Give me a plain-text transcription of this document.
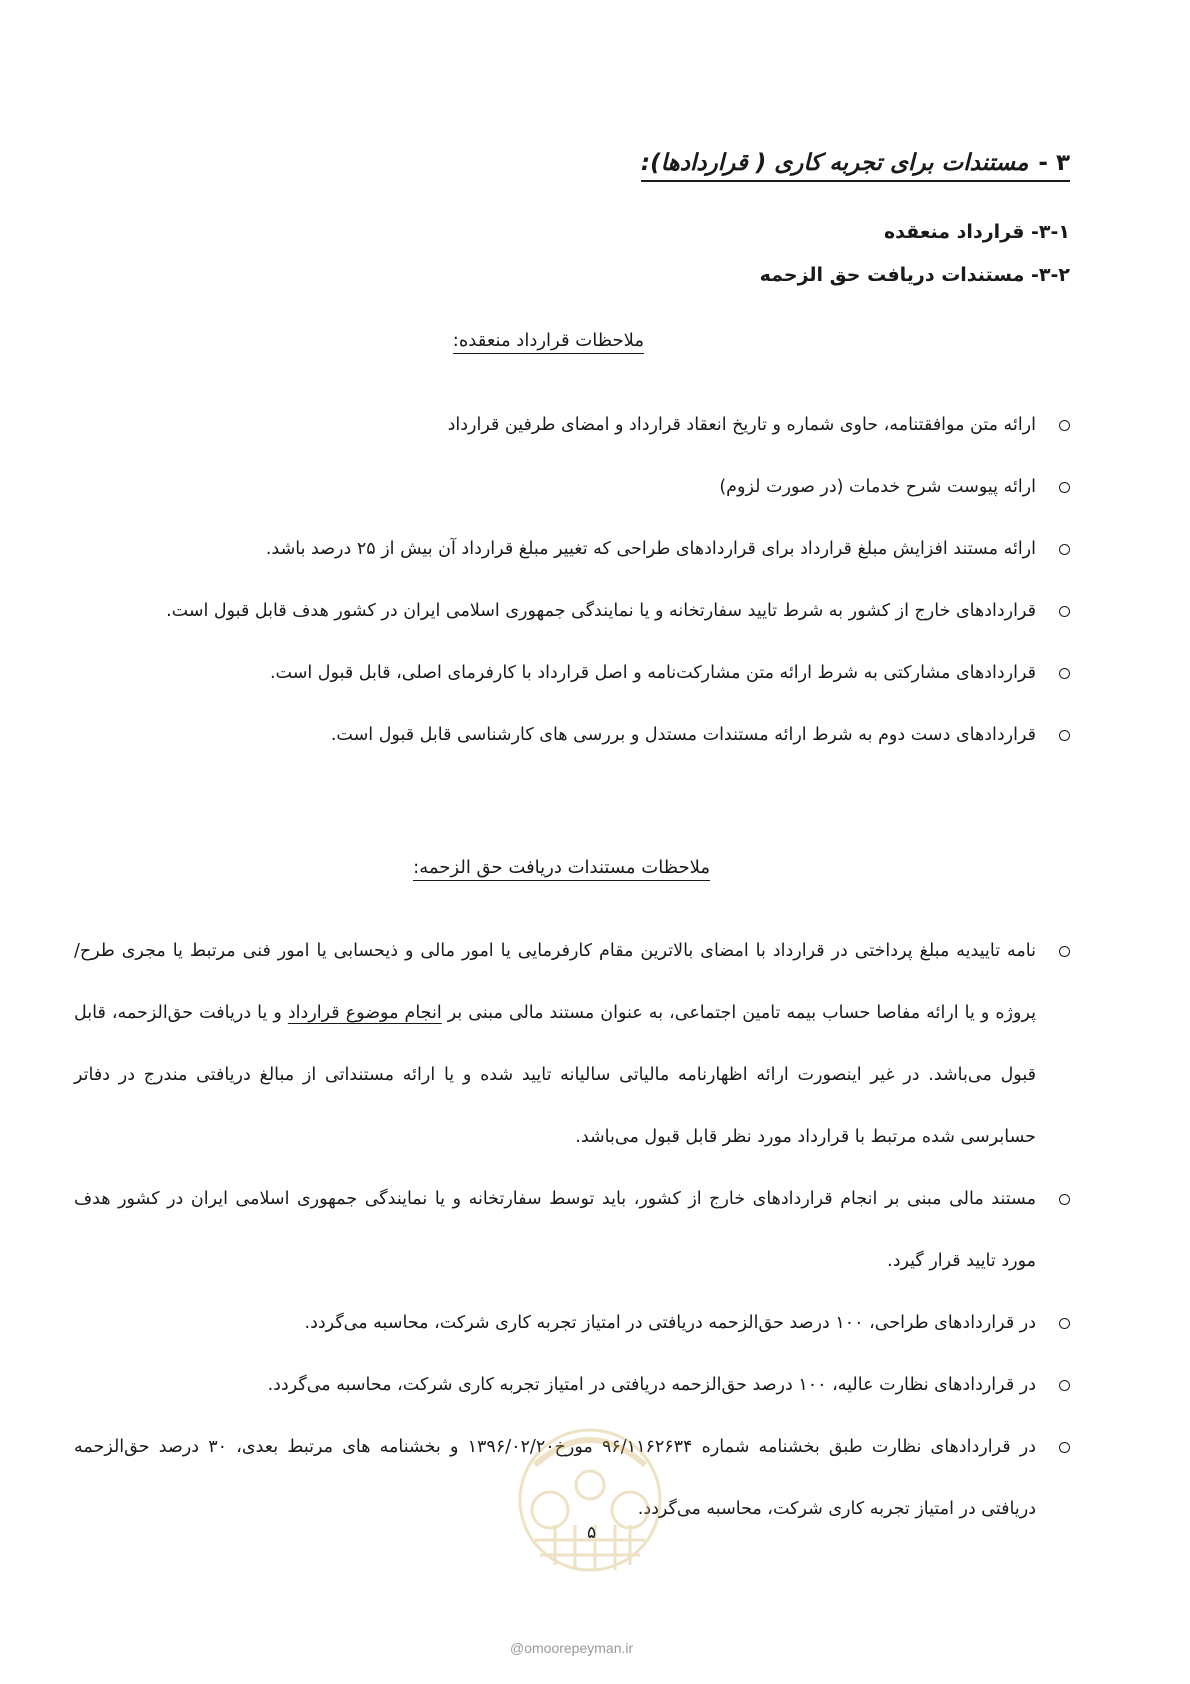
۳ -مستندات برای تجربه کاری ( قراردادها):
۳-۱- قرارداد منعقده
۳-۲- مستندات دریافت حق الزحمه
ملاحظات قرارداد منعقده:
ارائه متن موافقتنامه، حاوی شماره و تاریخ انعقاد قرارداد و امضای طرفین قرارداد
ارائه پیوست شرح خدمات (در صورت لزوم)
ارائه مستند افزایش مبلغ قرارداد برای قراردادهای طراحی که تغییر مبلغ قرارداد آن بیش از ۲۵ درصد باشد.
قراردادهای خارج از کشور به شرط تایید سفارتخانه و یا نمایندگی جمهوری اسلامی ایران در کشور هدف قابل قبول است.
قراردادهای مشارکتی به شرط ارائه متن مشارکت‌نامه و اصل قرارداد با کارفرمای اصلی، قابل قبول است.
قراردادهای دست دوم به شرط ارائه مستندات مستدل و بررسی های کارشناسی قابل قبول است.
ملاحظات مستندات دریافت حق الزحمه:
نامه تاییدیه مبلغ پرداختی در قرارداد با امضای بالاترین مقام کارفرمایی یا امور مالی و ذیحسابی یا امور فنی مرتبط یا مجری طرح/پروژه و یا ارائه مفاصا حساب بیمه تامین اجتماعی، به عنوان مستند مالی مبنی بر انجام موضوع قرارداد و یا دریافت حق‌الزحمه، قابل قبول می‌باشد. در غیر اینصورت ارائه اظهارنامه مالیاتی سالیانه تایید شده و یا ارائه مستنداتی از مبالغ دریافتی مندرج در دفاتر حسابرسی شده مرتبط با قرارداد مورد نظر قابل قبول می‌باشد.
مستند مالی مبنی بر انجام قراردادهای خارج از کشور، باید توسط سفارتخانه و یا نمایندگی جمهوری اسلامی ایران در کشور هدف مورد تایید قرار گیرد.
در قراردادهای طراحی، ۱۰۰ درصد حق‌الزحمه دریافتی در امتیاز تجربه کاری شرکت، محاسبه می‌گردد.
در قراردادهای نظارت عالیه، ۱۰۰ درصد حق‌الزحمه دریافتی در امتیاز تجربه کاری شرکت، محاسبه می‌گردد.
در قراردادهای نظارت طبق بخشنامه شماره ۹۶/۱۱۶۲۶۳۴ مورخ۱۳۹۶/۰۲/۲۰ و بخشنامه های مرتبط بعدی، ۳۰ درصد حق‌الزحمه دریافتی در امتیاز تجربه کاری شرکت، محاسبه می‌گردد.
۵
@omoorepeyman.ir
